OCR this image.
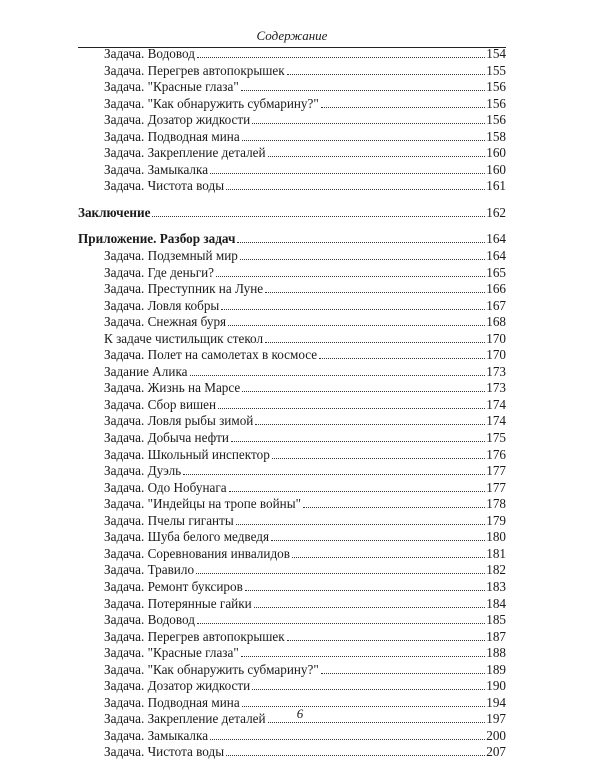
Содержание
Задача. Водовод	154
Задача. Перегрев автопокрышек	155
Задача. "Красные глаза"	156
Задача. "Как обнаружить субмарину?"	156
Задача. Дозатор жидкости	156
Задача. Подводная мина	158
Задача. Закрепление деталей	160
Задача. Замыкалка	160
Задача. Чистота воды	161
Заключение	162
Приложение. Разбор задач	164
Задача. Подземный мир	164
Задача. Где деньги?	165
Задача. Преступник на Луне	166
Задача. Ловля кобры	167
Задача. Снежная буря	168
К задаче чистильщик стекол	170
Задача. Полет на самолетах в космосе	170
Задание Алика	173
Задача. Жизнь на Марсе	173
Задача. Сбор вишен	174
Задача. Ловля рыбы зимой	174
Задача. Добыча нефти	175
Задача. Школьный инспектор	176
Задача. Дуэль	177
Задача. Одо Нобунага	177
Задача. "Индейцы на тропе войны"	178
Задача. Пчелы гиганты	179
Задача. Шуба белого медведя	180
Задача. Соревнования инвалидов	181
Задача. Травило	182
Задача. Ремонт буксиров	183
Задача. Потерянные гайки	184
Задача. Водовод	185
Задача. Перегрев автопокрышек	187
Задача. "Красные глаза"	188
Задача. "Как обнаружить субмарину?"	189
Задача. Дозатор жидкости	190
Задача. Подводная мина	194
Задача. Закрепление деталей	197
Задача. Замыкалка	200
Задача. Чистота воды	207
6
